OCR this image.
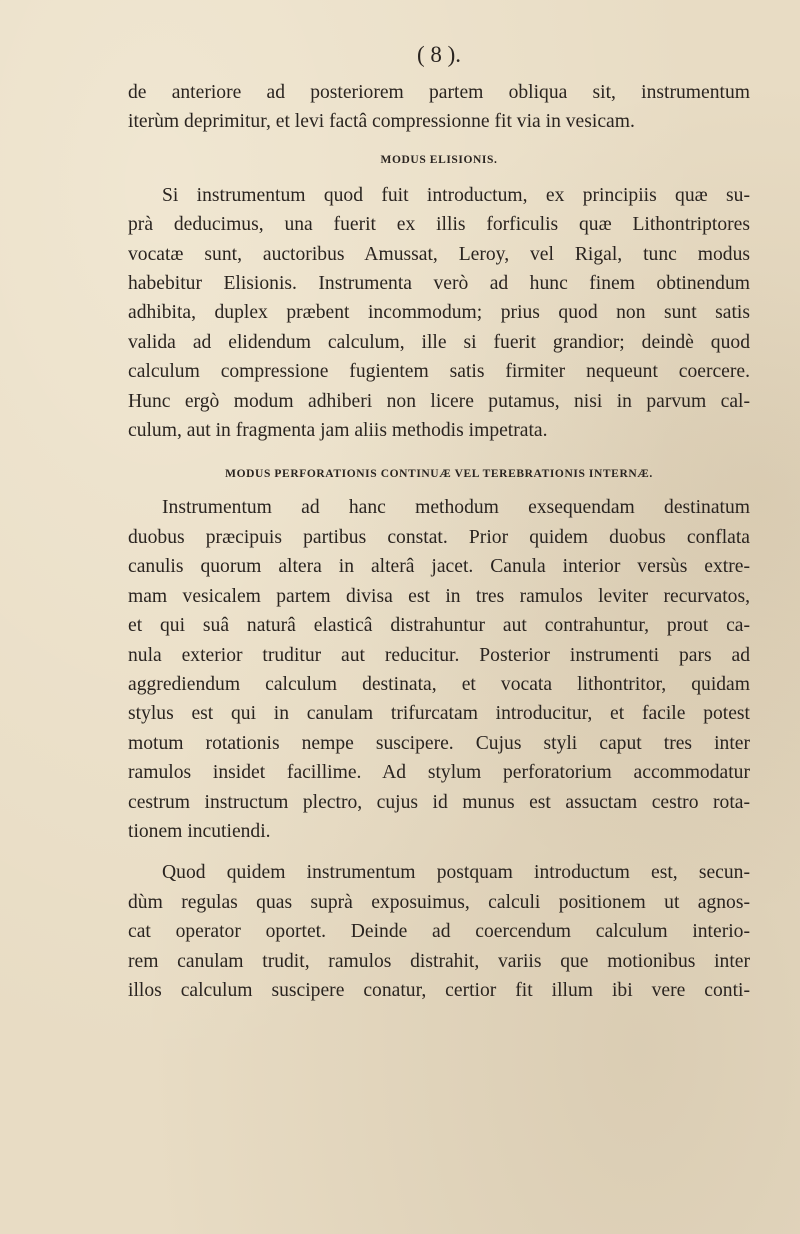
( 8 ).
de anteriore ad posteriorem partem obliqua sit, instrumentum
iterùm deprimitur, et levi factâ compressionne fit via in vesicam.
MODUS ELISIONIS.
Si instrumentum quod fuit introductum, ex principiis quæ su-
prà deducimus, una fuerit ex illis forficulis quæ Lithontriptores
vocatæ sunt, auctoribus Amussat, Leroy, vel Rigal, tunc modus
habebitur Elisionis. Instrumenta verò ad hunc finem obtinendum
adhibita, duplex præbent incommodum; prius quod non sunt satis
valida ad elidendum calculum, ille si fuerit grandior; deindè quod
calculum compressione fugientem satis firmiter nequeunt coercere.
Hunc ergò modum adhiberi non licere putamus, nisi in parvum cal-
culum, aut in fragmenta jam aliis methodis impetrata.
MODUS PERFORATIONIS CONTINUÆ VEL TEREBRATIONIS INTERNÆ.
Instrumentum ad hanc methodum exsequendam destinatum
duobus præcipuis partibus constat. Prior quidem duobus conflata
canulis quorum altera in alterâ jacet. Canula interior versùs extre-
mam vesicalem partem divisa est in tres ramulos leviter recurvatos,
et qui suâ naturâ elasticâ distrahuntur aut contrahuntur, prout ca-
nula exterior truditur aut reducitur. Posterior instrumenti pars ad
aggrediendum calculum destinata, et vocata lithontritor, quidam
stylus est qui in canulam trifurcatam introducitur, et facile potest
motum rotationis nempe suscipere. Cujus styli caput tres inter
ramulos insidet facillime. Ad stylum perforatorium accommodatur
cestrum instructum plectro, cujus id munus est assuctam cestro rota-
tionem incutiendi.
Quod quidem instrumentum postquam introductum est, secun-
dùm regulas quas suprà exposuimus, calculi positionem ut agnos-
cat operator oportet. Deinde ad coercendum calculum interio-
rem canulam trudit, ramulos distrahit, variis que motionibus inter
illos calculum suscipere conatur, certior fit illum ibi vere conti-
